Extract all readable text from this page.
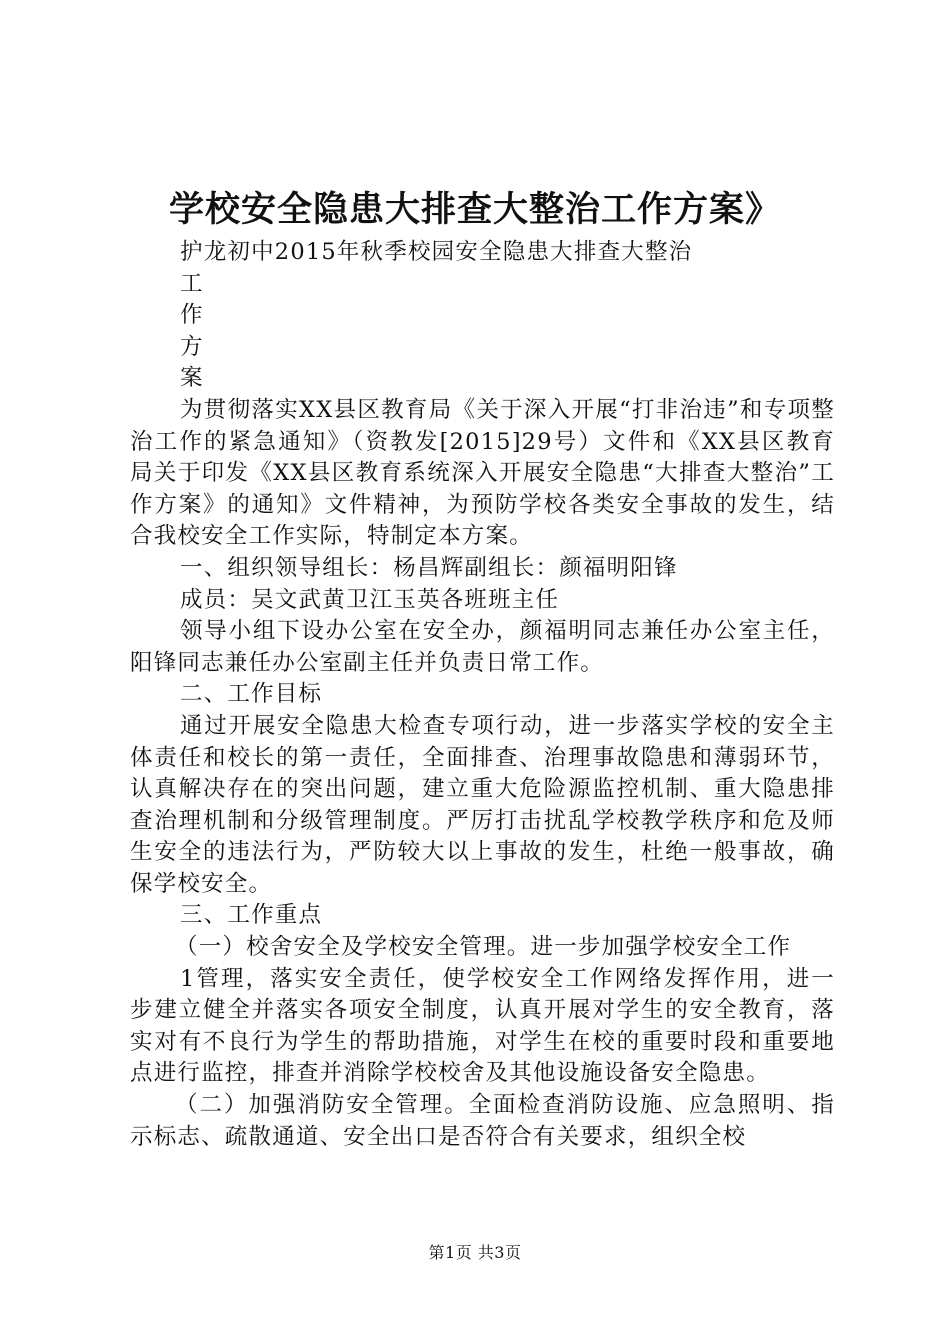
学校安全隐患大排查大整治工作方案》

护龙初中2015年秋季校园安全隐患大排查大整治

工

作

方

案

为贯彻落实XX县区教育局《关于深入开展“打非治违”和专项整治工作的紧急通知》（资教发[2015]29号）文件和《XX县区教育局关于印发《XX县区教育系统深入开展安全隐患“大排查大整治”工作方案》的通知》文件精神，为预防学校各类安全事故的发生，结合我校安全工作实际，特制定本方案。

一、组织领导组长：杨昌辉副组长：颜福明阳锋

成员：吴文武黄卫江玉英各班班主任

领导小组下设办公室在安全办，颜福明同志兼任办公室主任，阳锋同志兼任办公室副主任并负责日常工作。

二、工作目标

通过开展安全隐患大检查专项行动，进一步落实学校的安全主体责任和校长的第一责任，全面排查、治理事故隐患和薄弱环节，认真解决存在的突出问题，建立重大危险源监控机制、重大隐患排查治理机制和分级管理制度。严厉打击扰乱学校教学秩序和危及师生安全的违法行为，严防较大以上事故的发生，杜绝一般事故，确保学校安全。

三、工作重点

（一）校舍安全及学校安全管理。进一步加强学校安全工作

1管理，落实安全责任，使学校安全工作网络发挥作用，进一步建立健全并落实各项安全制度，认真开展对学生的安全教育，落实对有不良行为学生的帮助措施，对学生在校的重要时段和重要地点进行监控，排查并消除学校校舍及其他设施设备安全隐患。

（二）加强消防安全管理。全面检查消防设施、应急照明、指示标志、疏散通道、安全出口是否符合有关要求，组织全校

第1页 共3页
